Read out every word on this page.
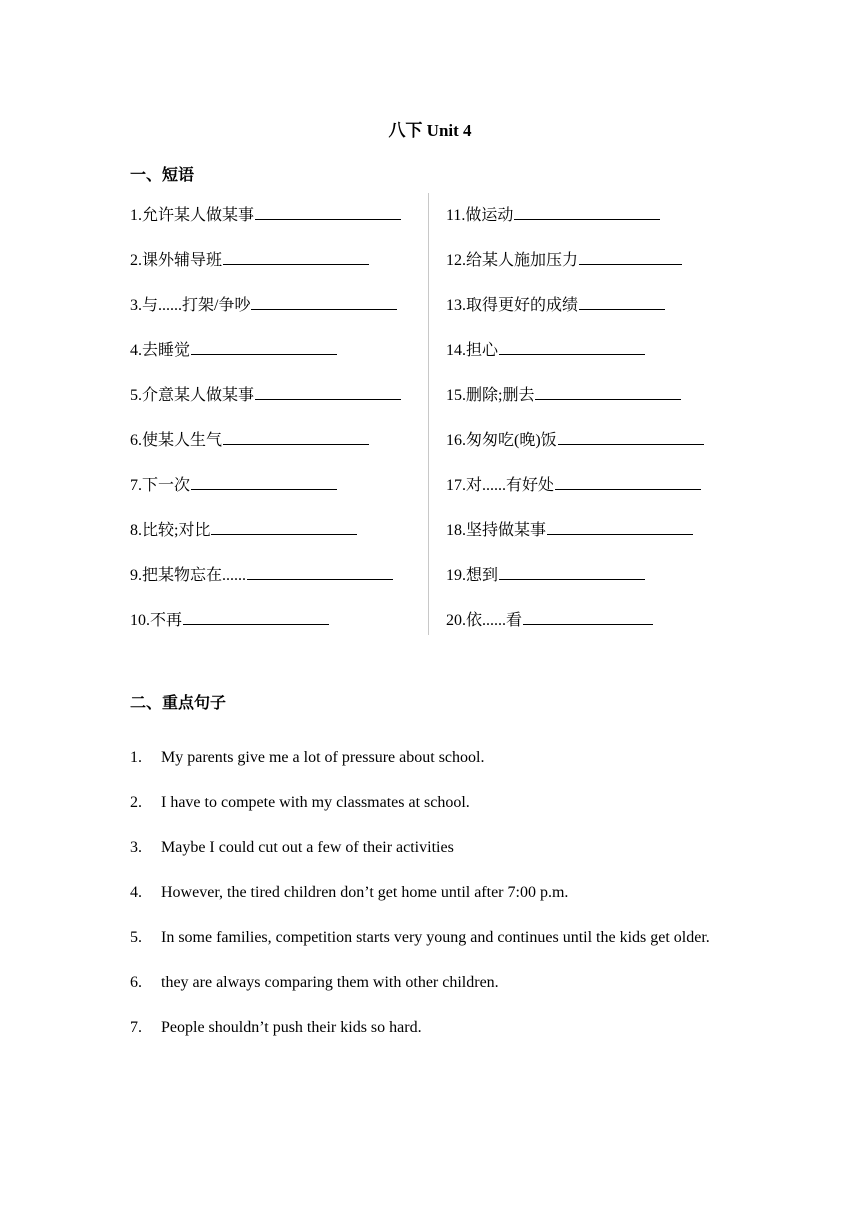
八下 Unit 4
一、短语
1.允许某人做某事
2.课外辅导班
3.与......打架/争吵
4.去睡觉
5.介意某人做某事
6.使某人生气
7.下一次
8.比较;对比
9.把某物忘在......
10.不再
11.做运动
12.给某人施加压力
13.取得更好的成绩
14.担心
15.删除;删去
16.匆匆吃(晚)饭
17.对......有好处
18.坚持做某事
19.想到
20.依......看
二、重点句子
1. My parents give me a lot of pressure about school.
2. I have to compete with my classmates at school.
3. Maybe I could cut out a few of their activities
4. However, the tired children don’t get home until after 7:00 p.m.
5. In some families, competition starts very young and continues until the kids get older.
6. they are always comparing them with other children.
7. People shouldn’t push their kids so hard.
